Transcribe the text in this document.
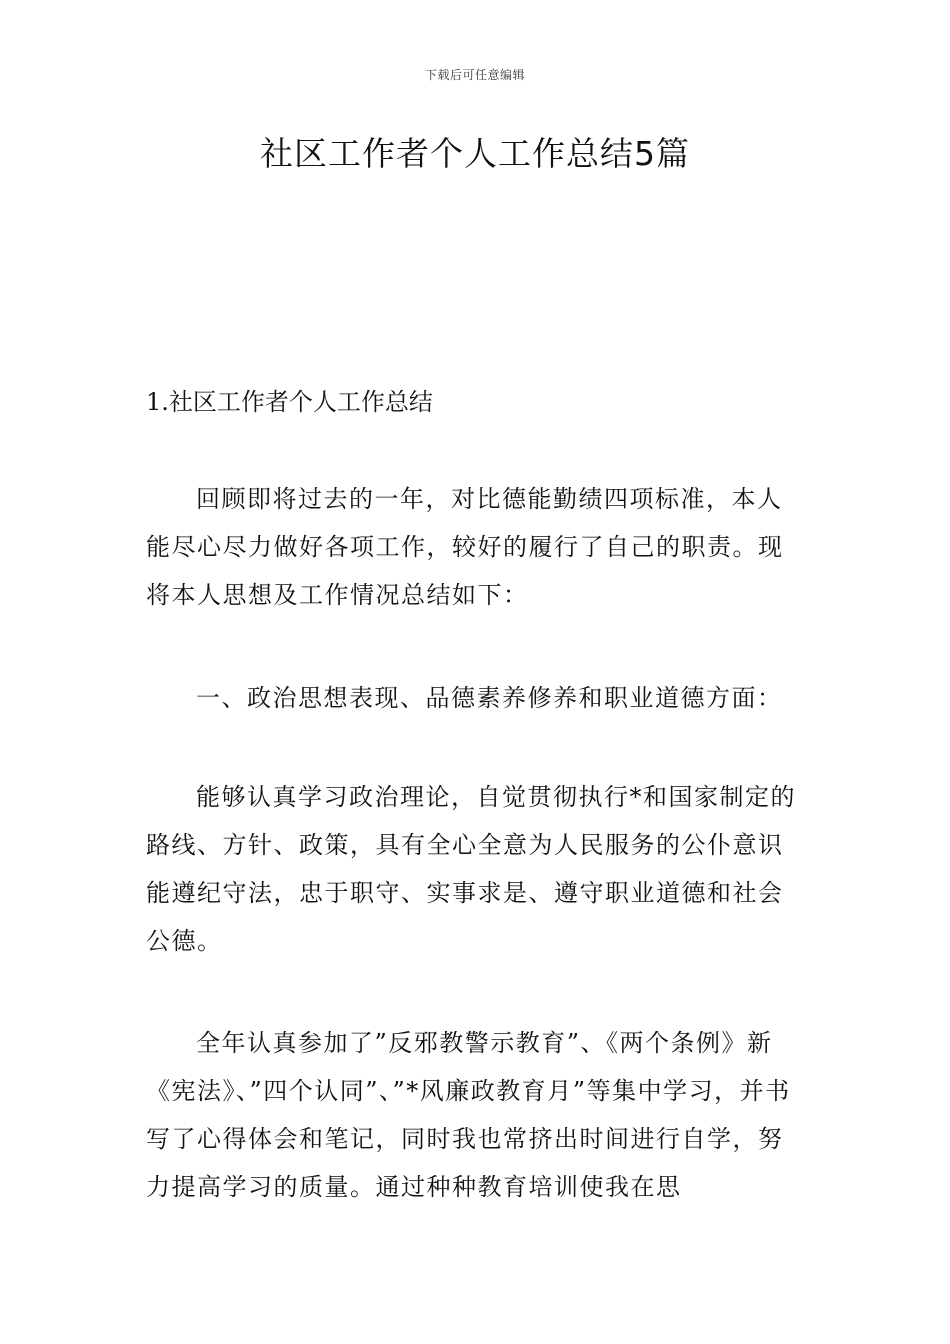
下载后可任意编辑
社区工作者个人工作总结5篇
1.社区工作者个人工作总结

回顾即将过去的一年，对比德能勤绩四项标准，本人能尽心尽力做好各项工作，较好的履行了自己的职责。现将本人思想及工作情况总结如下：

一、政治思想表现、品德素养修养和职业道德方面：

能够认真学习政治理论，自觉贯彻执行*和国家制定的路线、方针、政策，具有全心全意为人民服务的公仆意识能遵纪守法，忠于职守、实事求是、遵守职业道德和社会公德。

全年认真参加了”反邪教警示教育”、《两个条例》新《宪法》、”四个认同”、”*风廉政教育月”等集中学习，并书写了心得体会和笔记，同时我也常挤出时间进行自学，努力提高学习的质量。通过种种教育培训使我在思
